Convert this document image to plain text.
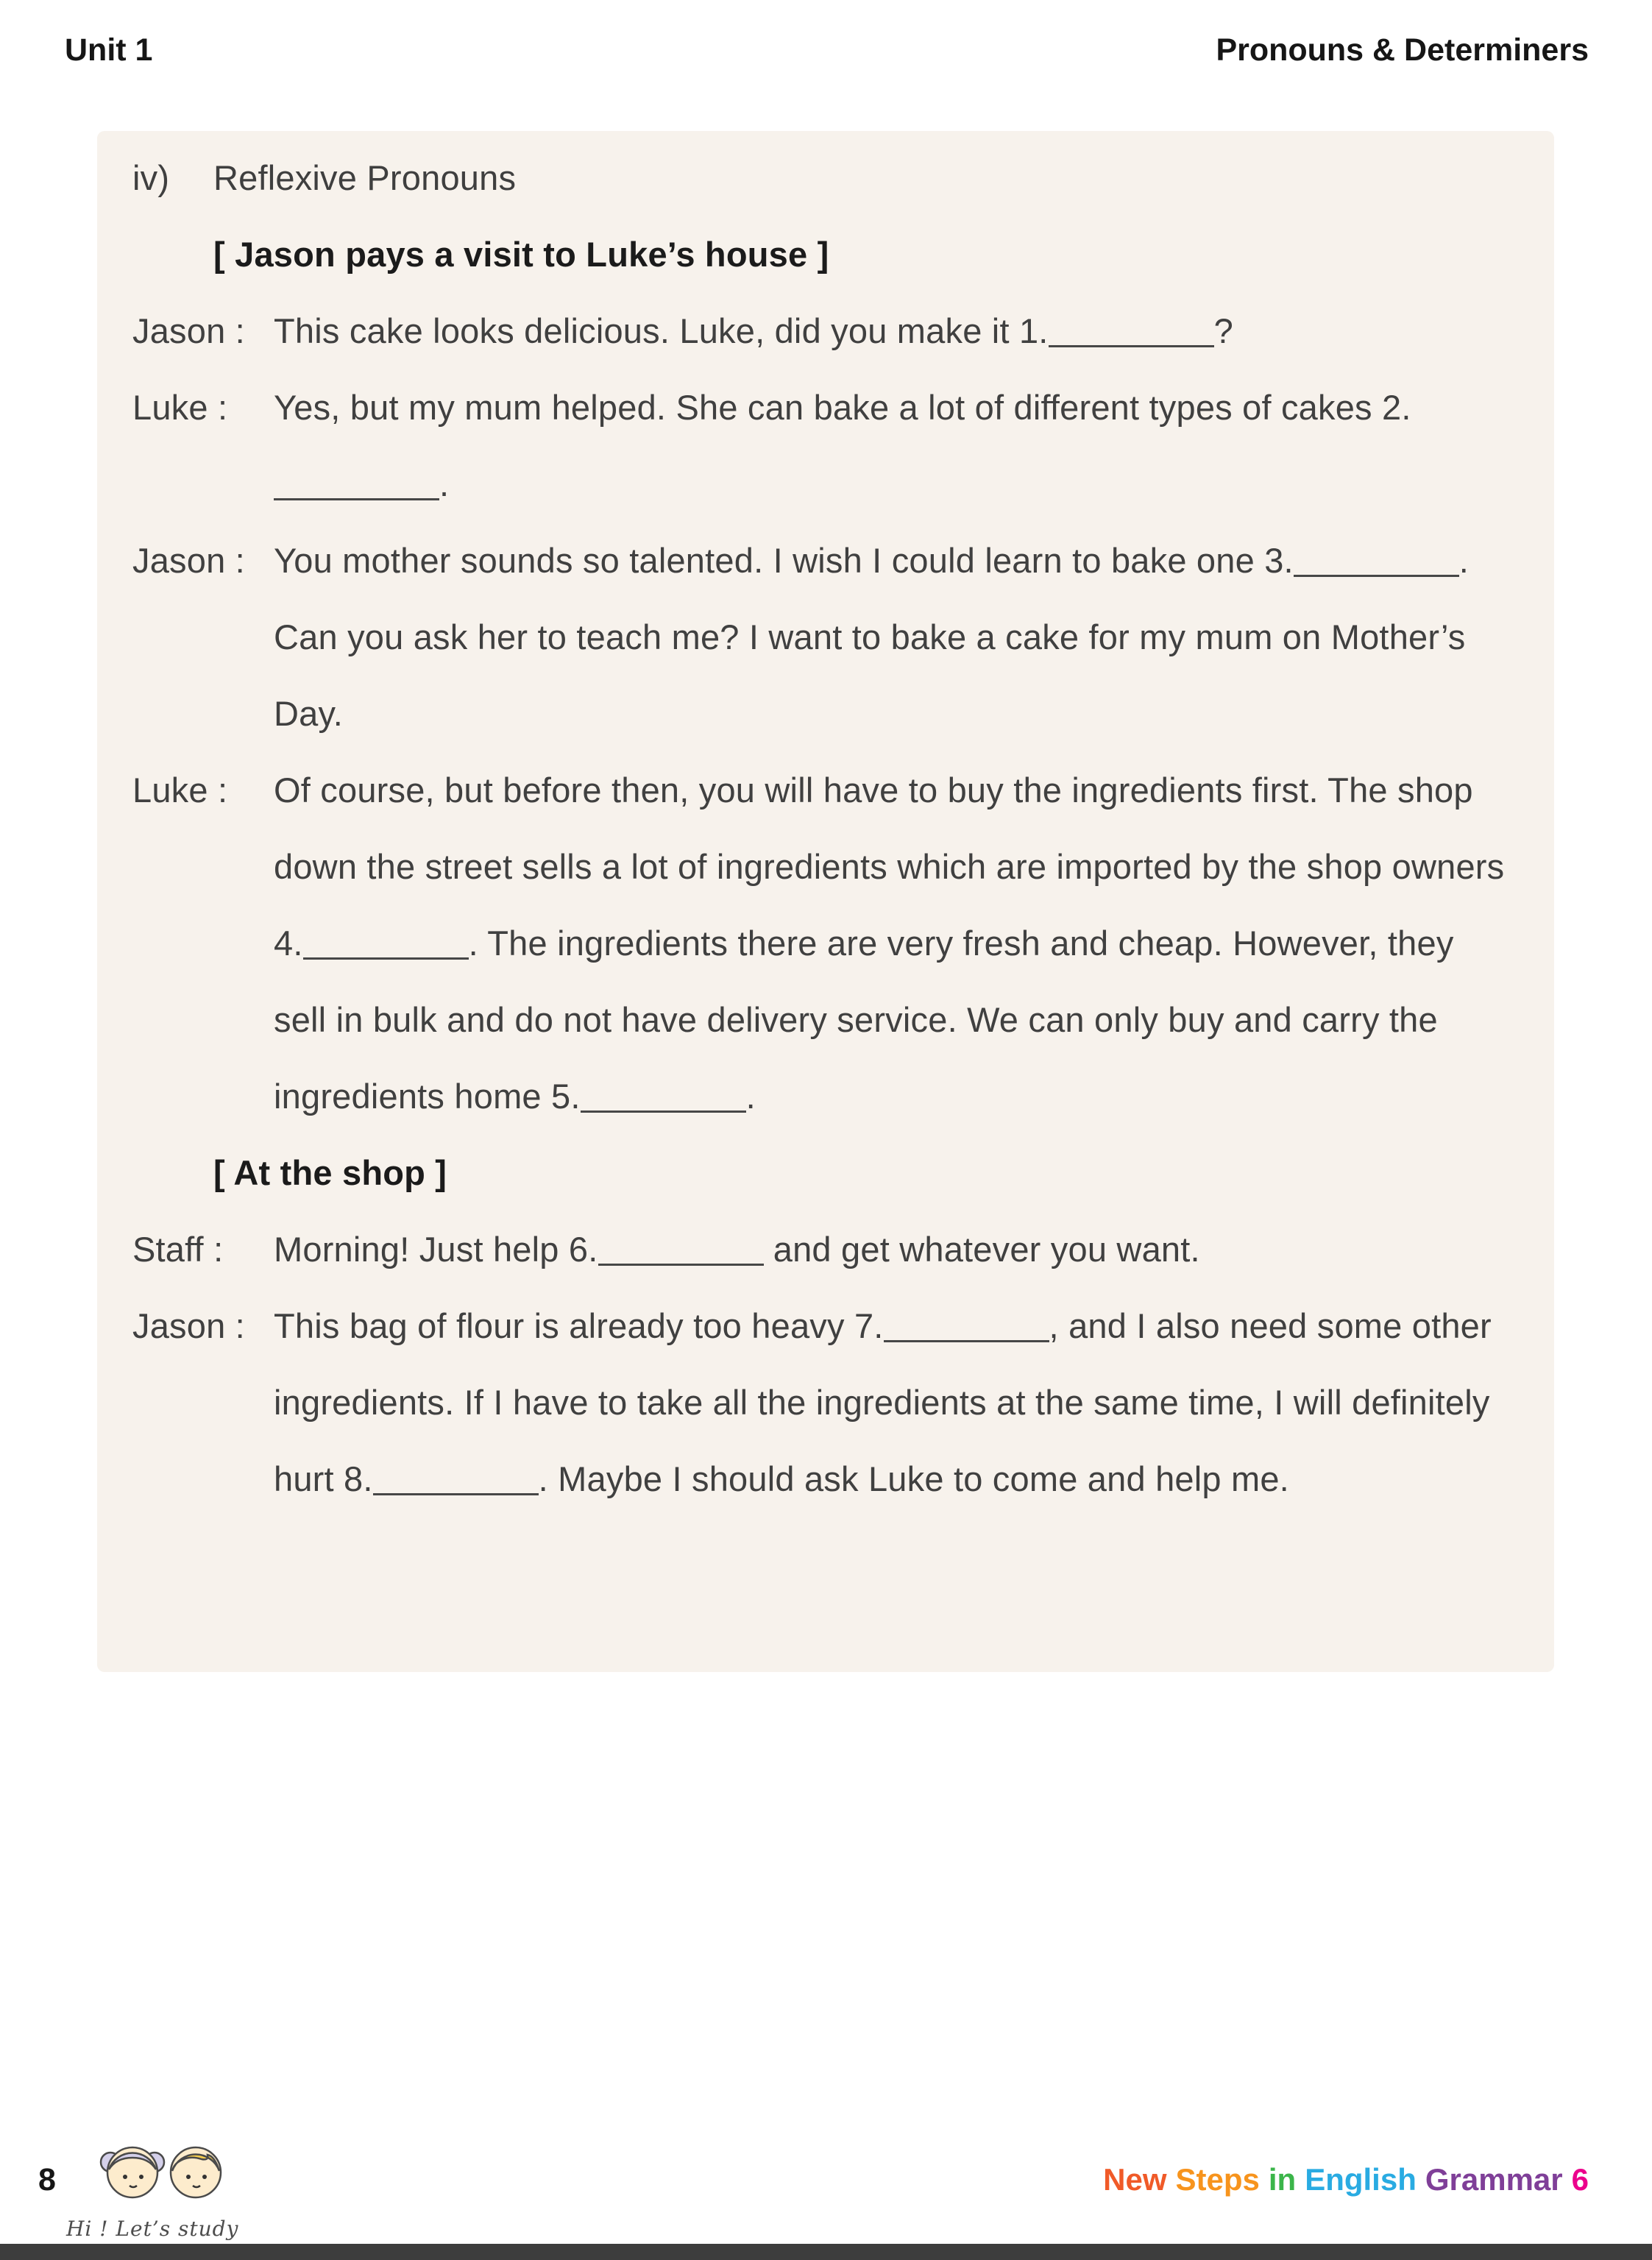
Unit 1	Pronouns & Determiners
iv)	Reflexive Pronouns
[ Jason pays a visit to Luke’s house ]
Jason : This cake looks delicious. Luke, did you make it 1.	?
Luke :	Yes, but my mum helped. She can bake a lot of different types of cakes 2..
Jason : You mother sounds so talented. I wish I could learn to bake one 3.	. Can you ask her to teach me? I want to bake a cake for my mum on Mother’s Day.
Luke :	Of course, but before then, you will have to buy the ingredients first. The shop down the street sells a lot of ingredients which are imported by the shop owners 4.	. The ingredients there are very fresh and cheap. However, they sell in bulk and do not have delivery service. We can only buy and carry the ingredients home 5.	.
[ At the shop ]
Staff :	Morning! Just help 6.	and get whatever you want.
Jason : This bag of flour is already too heavy 7.	, and I also need some other ingredients. If I have to take all the ingredients at the same time, I will definitely hurt 8.	. Maybe I should ask Luke to come and help me.
8
Hi ! Let’s study
New Steps in English Grammar 6
